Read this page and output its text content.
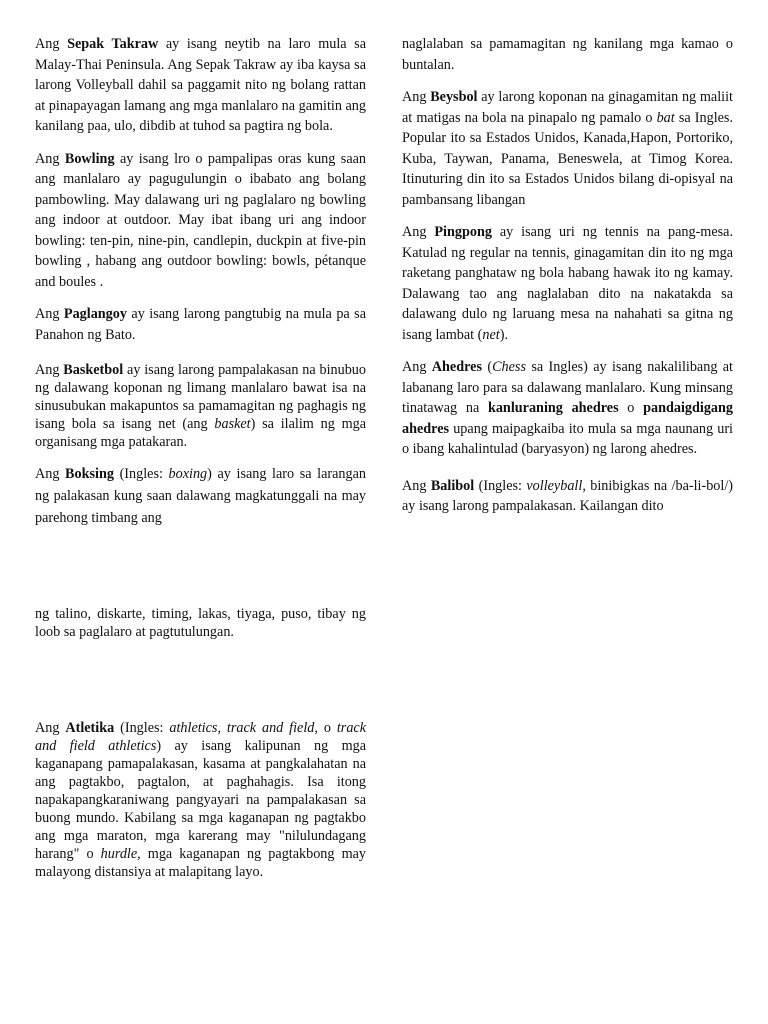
Ang Sepak Takraw ay isang neytib na laro mula sa Malay-Thai Peninsula. Ang Sepak Takraw ay iba kaysa sa larong Volleyball dahil sa paggamit nito ng bolang rattan at pinapayagan lamang ang mga manlalaro na gamitin ang kanilang paa, ulo, dibdib at tuhod sa pagtira ng bola.

Ang Bowling ay isang lro o pampalipas oras kung saan ang manlalaro ay pagugulungin o ibabato ang bolang pambowling. May dalawang uri ng paglalaro ng bowling ang indoor at outdoor. May ibat ibang uri ang indoor bowling: ten-pin, nine-pin, candlepin, duckpin at five-pin bowling , habang ang outdoor bowling: bowls, pétanque and boules .

Ang Paglangoy ay isang larong pangtubig na mula pa sa Panahon ng Bato.

Ang Basketbol ay isang larong pampalakasan na binubuo ng dalawang koponan ng limang manlalaro bawat isa na sinusubukan makapuntos sa pamamagitan ng paghagis ng isang bola sa isang net (ang basket) sa ilalim ng mga organisang mga patakaran.

Ang Boksing (Ingles: boxing) ay isang laro sa larangan ng palakasan kung saan dalawang magkatunggali na may parehong timbang ang

ng talino, diskarte, timing, lakas, tiyaga, puso, tibay ng loob sa paglalaro at pagtutulungan.

Ang Atletika (Ingles: athletics, track and field, o track and field athletics) ay isang kalipunan ng mga kaganapang pamapalakasan, kasama at pangkalahatan na ang pagtakbo, pagtalon, at paghahagis. Isa itong napakapangkaraniwang pangyayari na pampalakasan sa buong mundo. Kabilang sa mga kaganapan ng pagtakbo ang mga maraton, mga karerang may "nilulundagang harang" o hurdle, mga kaganapan ng pagtakbong may malayong distansiya at malapitang layo.

naglalaban sa pamamagitan ng kanilang mga kamao o buntalan.

Ang Beysbol ay larong koponan na ginagamitan ng maliit at matigas na bola na pinapalo ng pamalo o bat sa Ingles. Popular ito sa Estados Unidos, Kanada,Hapon, Portoriko, Kuba, Taywan, Panama, Beneswela, at Timog Korea. Itinuturing din ito sa Estados Unidos bilang di-opisyal na pambansang libangan

Ang Pingpong ay isang uri ng tennis na pang-mesa. Katulad ng regular na tennis, ginagamitan din ito ng mga raketang panghataw ng bola habang hawak ito ng kamay. Dalawang tao ang naglalaban dito na nakatakda sa dalawang dulo ng laruang mesa na nahahati sa gitna ng isang lambat (net).

Ang Ahedres (Chess sa Ingles) ay isang nakalilibang at labanang laro para sa dalawang manlalaro. Kung minsang tinatawag na kanluraning ahedres o pandaigdigang ahedres upang maipagkaiba ito mula sa mga naunang uri o ibang kahalintulad (baryasyon) ng larong ahedres.

Ang Balibol (Ingles: volleyball, binibigkas na /ba-li-bol/) ay isang larong pampalakasan. Kailangan dito
